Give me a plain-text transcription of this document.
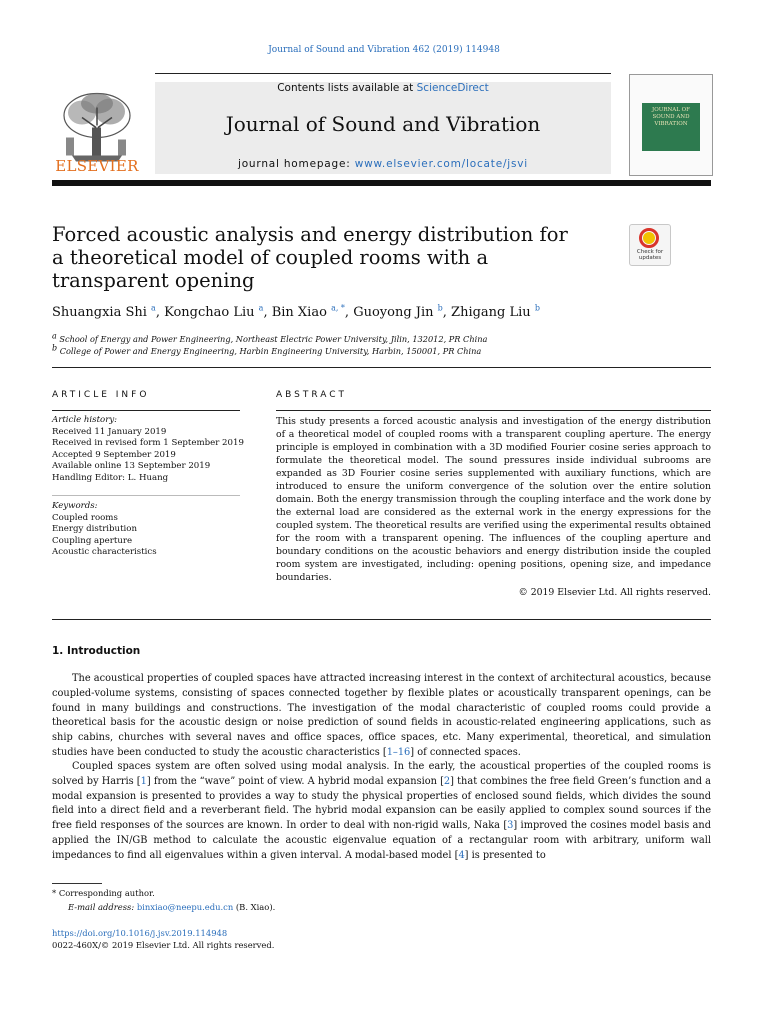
Journal of Sound and Vibration 462 (2019) 114948
Contents lists available at ScienceDirect
Journal of Sound and Vibration
journal homepage: www.elsevier.com/locate/jsvi
ELSEVIER
JOURNAL OF SOUND AND VIBRATION
Forced acoustic analysis and energy distribution for a theoretical model of coupled rooms with a transparent opening
Check for updates
Shuangxia Shi $^a$, Kongchao Liu $^a$, Bin Xiao $^{a, *}$, Guoyong Jin $^b$, Zhigang Liu $^b$
$^a$ School of Energy and Power Engineering, Northeast Electric Power University, Jilin, 132012, PR China
$^b$ College of Power and Energy Engineering, Harbin Engineering University, Harbin, 150001, PR China
ARTICLE INFO	ABSTRACT
Article history:
Received 11 January 2019
Received in revised form 1 September 2019
Accepted 9 September 2019
Available online 13 September 2019
Handling Editor: L. Huang
Keywords:
Coupled rooms
Energy distribution
Coupling aperture
Acoustic characteristics
This study presents a forced acoustic analysis and investigation of the energy distribution of a theoretical model of coupled rooms with a transparent coupling aperture. The energy principle is employed in combination with a 3D modified Fourier cosine series approach to formulate the theoretical model. The sound pressures inside individual subrooms are expanded as 3D Fourier cosine series supplemented with auxiliary functions, which are introduced to ensure the uniform convergence of the solution over the entire solution domain. Both the energy transmission through the coupling interface and the work done by the external load are considered as the external work in the energy expressions for the coupled system. The theoretical results are verified using the experimental results obtained for the room with a transparent opening. The influences of the coupling aperture and boundary conditions on the acoustic behaviors and energy distribution inside the coupled room system are investigated, including: opening positions, opening size, and impedance boundaries.
© 2019 Elsevier Ltd. All rights reserved.
1. Introduction
The acoustical properties of coupled spaces have attracted increasing interest in the context of architectural acoustics, because coupled-volume systems, consisting of spaces connected together by flexible plates or acoustically transparent openings, can be found in many buildings and constructions. The investigation of the modal characteristic of coupled rooms could provide a theoretical basis for the acoustic design or noise prediction of sound fields in acoustic-related engineering applications, such as ship cabins, churches with several naves and office spaces, office spaces, etc. Many experimental, theoretical, and simulation studies have been conducted to study the acoustic characteristics [1–16] of connected spaces.
Coupled spaces system are often solved using modal analysis. In the early, the acoustical properties of the coupled rooms is solved by Harris [1] from the “wave” point of view. A hybrid modal expansion [2] that combines the free field Green’s function and a modal expansion is presented to provides a way to study the physical properties of enclosed sound fields, which divides the sound field into a direct field and a reverberant field. The hybrid modal expansion can be easily applied to complex sound sources if the free field responses of the sources are known. In order to deal with non-rigid walls, Naka [3] improved the cosines model basis and applied the IN/GB method to calculate the acoustic eigenvalue equation of a rectangular room with arbitrary, uniform wall impedances to find all eigenvalues within a given interval. A modal-based model [4] is presented to
* Corresponding author.
E-mail address: binxiao@neepu.edu.cn (B. Xiao).
https://doi.org/10.1016/j.jsv.2019.114948
0022-460X/© 2019 Elsevier Ltd. All rights reserved.
